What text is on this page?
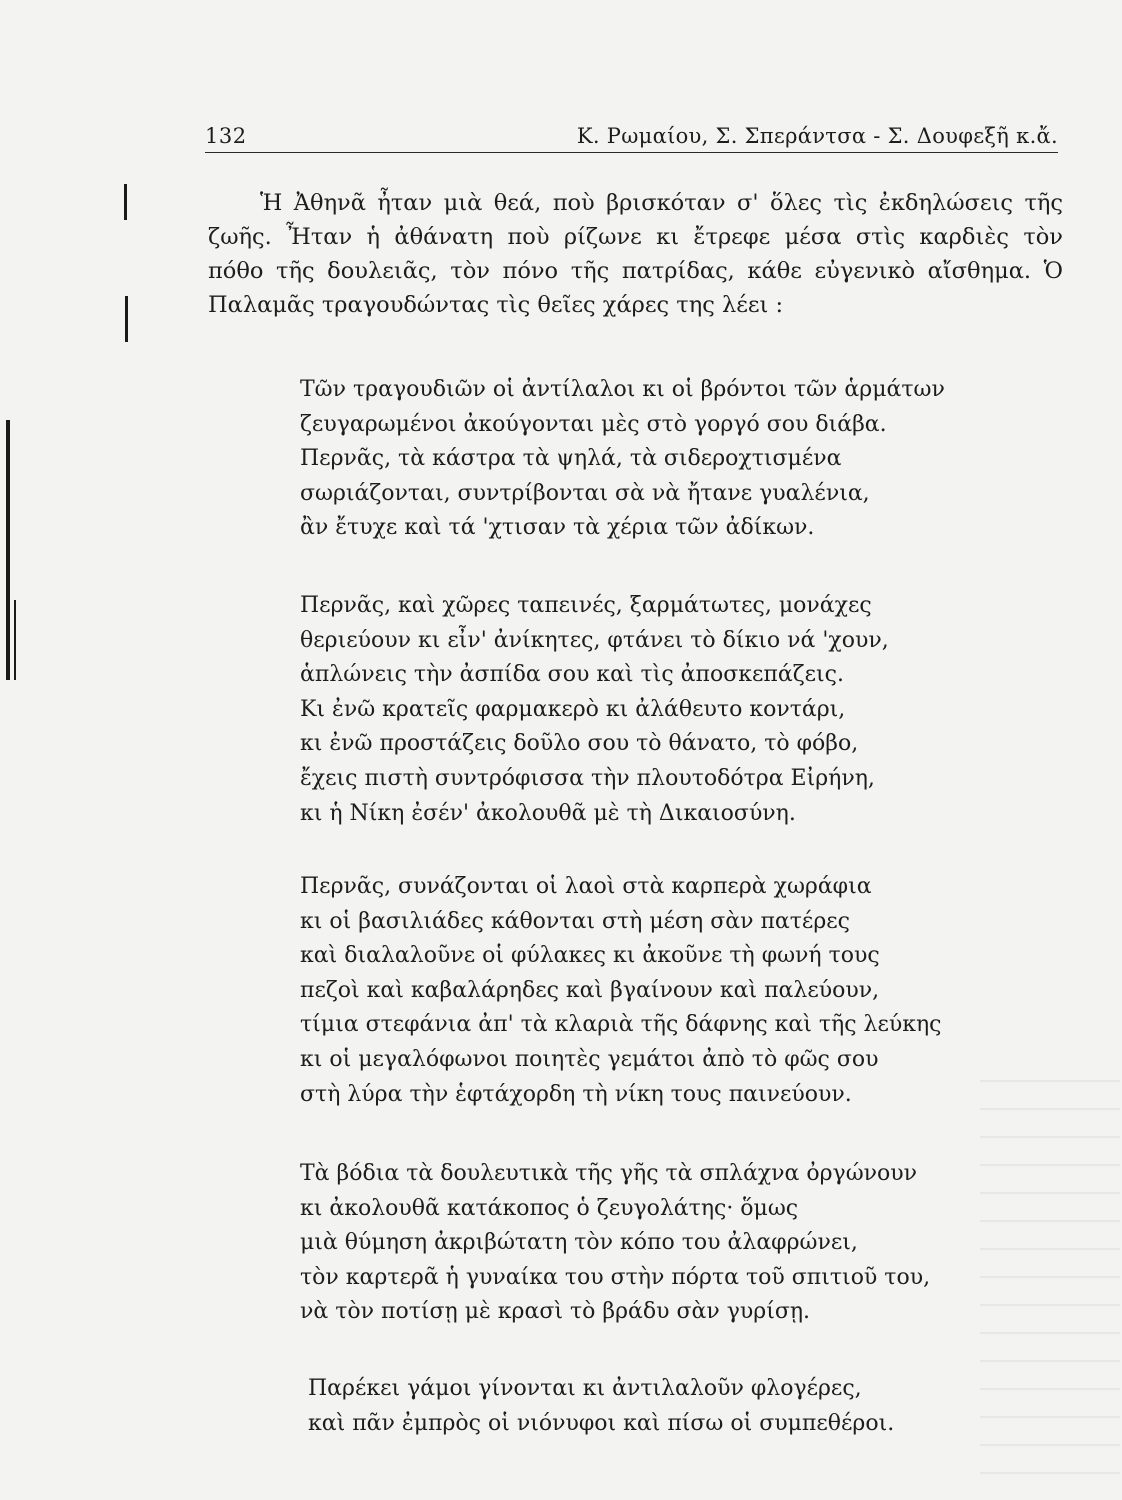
132	Κ. Ρωμαίου, Σ. Σπεράντσα - Σ. Δουφεξῆ κ.ἄ.
Ἡ Ἀθηνᾶ ἦταν μιὰ θεά, ποὺ βρισκόταν σ' ὅλες τὶς ἐκδηλώσεις τῆς
ζωῆς. Ἦταν ἡ ἀθάνατη ποὺ ρίζωνε κι ἔτρεφε μέσα στὶς καρδιὲς τὸν
πόθο τῆς δουλειᾶς, τὸν πόνο τῆς πατρίδας, κάθε εὐγενικὸ αἴσθημα. Ὁ
Παλαμᾶς τραγουδώντας τὶς θεῖες χάρες της λέει :
Τῶν τραγουδιῶν οἱ ἀντίλαλοι κι οἱ βρόντοι τῶν ἁρμάτων
ζευγαρωμένοι ἀκούγονται μὲς στὸ γοργό σου διάβα.
Περνᾶς, τὰ κάστρα τὰ ψηλά, τὰ σιδεροχτισμένα
σωριάζονται, συντρίβονται σὰ νὰ ἤτανε γυαλένια,
ἂν ἔτυχε καὶ τά 'χτισαν τὰ χέρια τῶν ἀδίκων.
Περνᾶς, καὶ χῶρες ταπεινές, ξαρμάτωτες, μονάχες
θεριεύουν κι εἶν' ἀνίκητες, φτάνει τὸ δίκιο νά 'χουν,
ἁπλώνεις τὴν ἀσπίδα σου καὶ τὶς ἀποσκεπάζεις.
Κι ἐνῶ κρατεῖς φαρμακερὸ κι ἀλάθευτο κοντάρι,
κι ἐνῶ προστάζεις δοῦλο σου τὸ θάνατο, τὸ φόβο,
ἔχεις πιστὴ συντρόφισσα τὴν πλουτοδότρα Εἰρήνη,
κι ἡ Νίκη ἐσέν' ἀκολουθᾶ μὲ τὴ Δικαιοσύνη.
Περνᾶς, συνάζονται οἱ λαοὶ στὰ καρπερὰ χωράφια
κι οἱ βασιλιάδες κάθονται στὴ μέση σὰν πατέρες
καὶ διαλαλοῦνε οἱ φύλακες κι ἀκοῦνε τὴ φωνή τους
πεζοὶ καὶ καβαλάρηδες καὶ βγαίνουν καὶ παλεύουν,
τίμια στεφάνια ἀπ' τὰ κλαριὰ τῆς δάφνης καὶ τῆς λεύκης
κι οἱ μεγαλόφωνοι ποιητὲς γεμάτοι ἀπὸ τὸ φῶς σου
στὴ λύρα τὴν ἑφτάχορδη τὴ νίκη τους παινεύουν.
Τὰ βόδια τὰ δουλευτικὰ τῆς γῆς τὰ σπλάχνα ὀργώνουν
κι ἀκολουθᾶ κατάκοπος ὁ ζευγολάτης· ὅμως
μιὰ θύμηση ἀκριβώτατη τὸν κόπο του ἀλαφρώνει,
τὸν καρτερᾶ ἡ γυναίκα του στὴν πόρτα τοῦ σπιτιοῦ του,
νὰ τὸν ποτίσῃ μὲ κρασὶ τὸ βράδυ σὰν γυρίσῃ.
Παρέκει γάμοι γίνονται κι ἀντιλαλοῦν φλογέρες,
καὶ πᾶν ἐμπρὸς οἱ νιόνυφοι καὶ πίσω οἱ συμπεθέροι.
